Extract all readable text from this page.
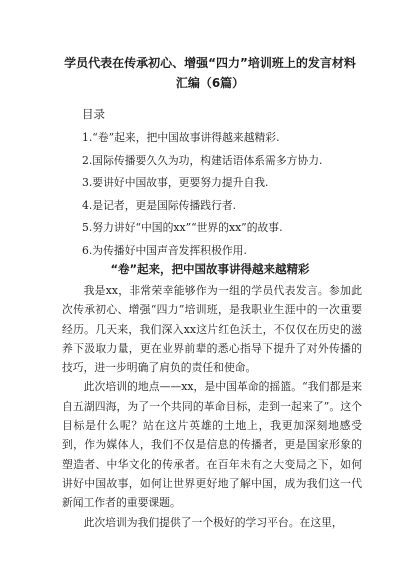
学员代表在传承初心、增强“四力”培训班上的发言材料
汇编（6篇）
目录
1.“卷”起来，把中国故事讲得越来越精彩.
2.国际传播要久久为功，构建话语体系需多方协力.
3.要讲好中国故事，更要努力提升自我.
4.是记者，更是国际传播践行者.
5.努力讲好“中国的xx”“世界的xx”的故事.
6.为传播好中国声音发挥积极作用.
“卷”起来，把中国故事讲得越来越精彩

我是xx，非常荣幸能够作为一组的学员代表发言。参加此次传承初心、增强“四力”培训班，是我职业生涯中的一次重要经历。几天来，我们深入xx这片红色沃土，不仅仅在历史的滋养下汲取力量，更在业界前辈的悉心指导下提升了对外传播的技巧，进一步明确了肩负的责任和使命。

此次培训的地点——xx，是中国革命的摇篮。“我们都是来自五湖四海，为了一个共同的革命目标，走到一起来了”。这个目标是什么呢？站在这片英雄的土地上，我更加深刻地感受到，作为媒体人，我们不仅是信息的传播者，更是国家形象的塑造者、中华文化的传承者。在百年未有之大变局之下，如何讲好中国故事，如何让世界更好地了解中国，成为我们这一代新闻工作者的重要课题。

此次培训为我们提供了一个极好的学习平台。在这里，
